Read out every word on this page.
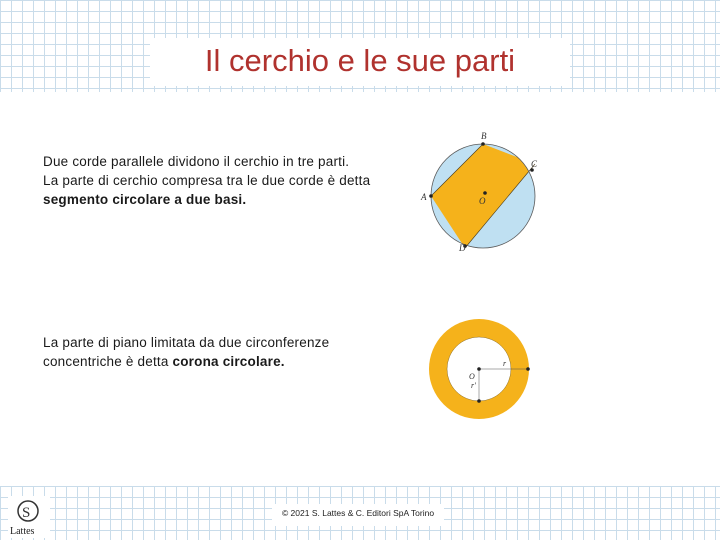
Il cerchio e le sue parti
Due corde parallele dividono il cerchio in tre parti.
La parte di cerchio compresa tra le due corde è detta
segmento circolare a due basi.
La parte di piano limitata da due circonferenze
concentriche è detta corona circolare.
B
A
C
D
O
O
r
r′
S
Lattes
© 2021 S. Lattes & C. Editori SpA Torino
